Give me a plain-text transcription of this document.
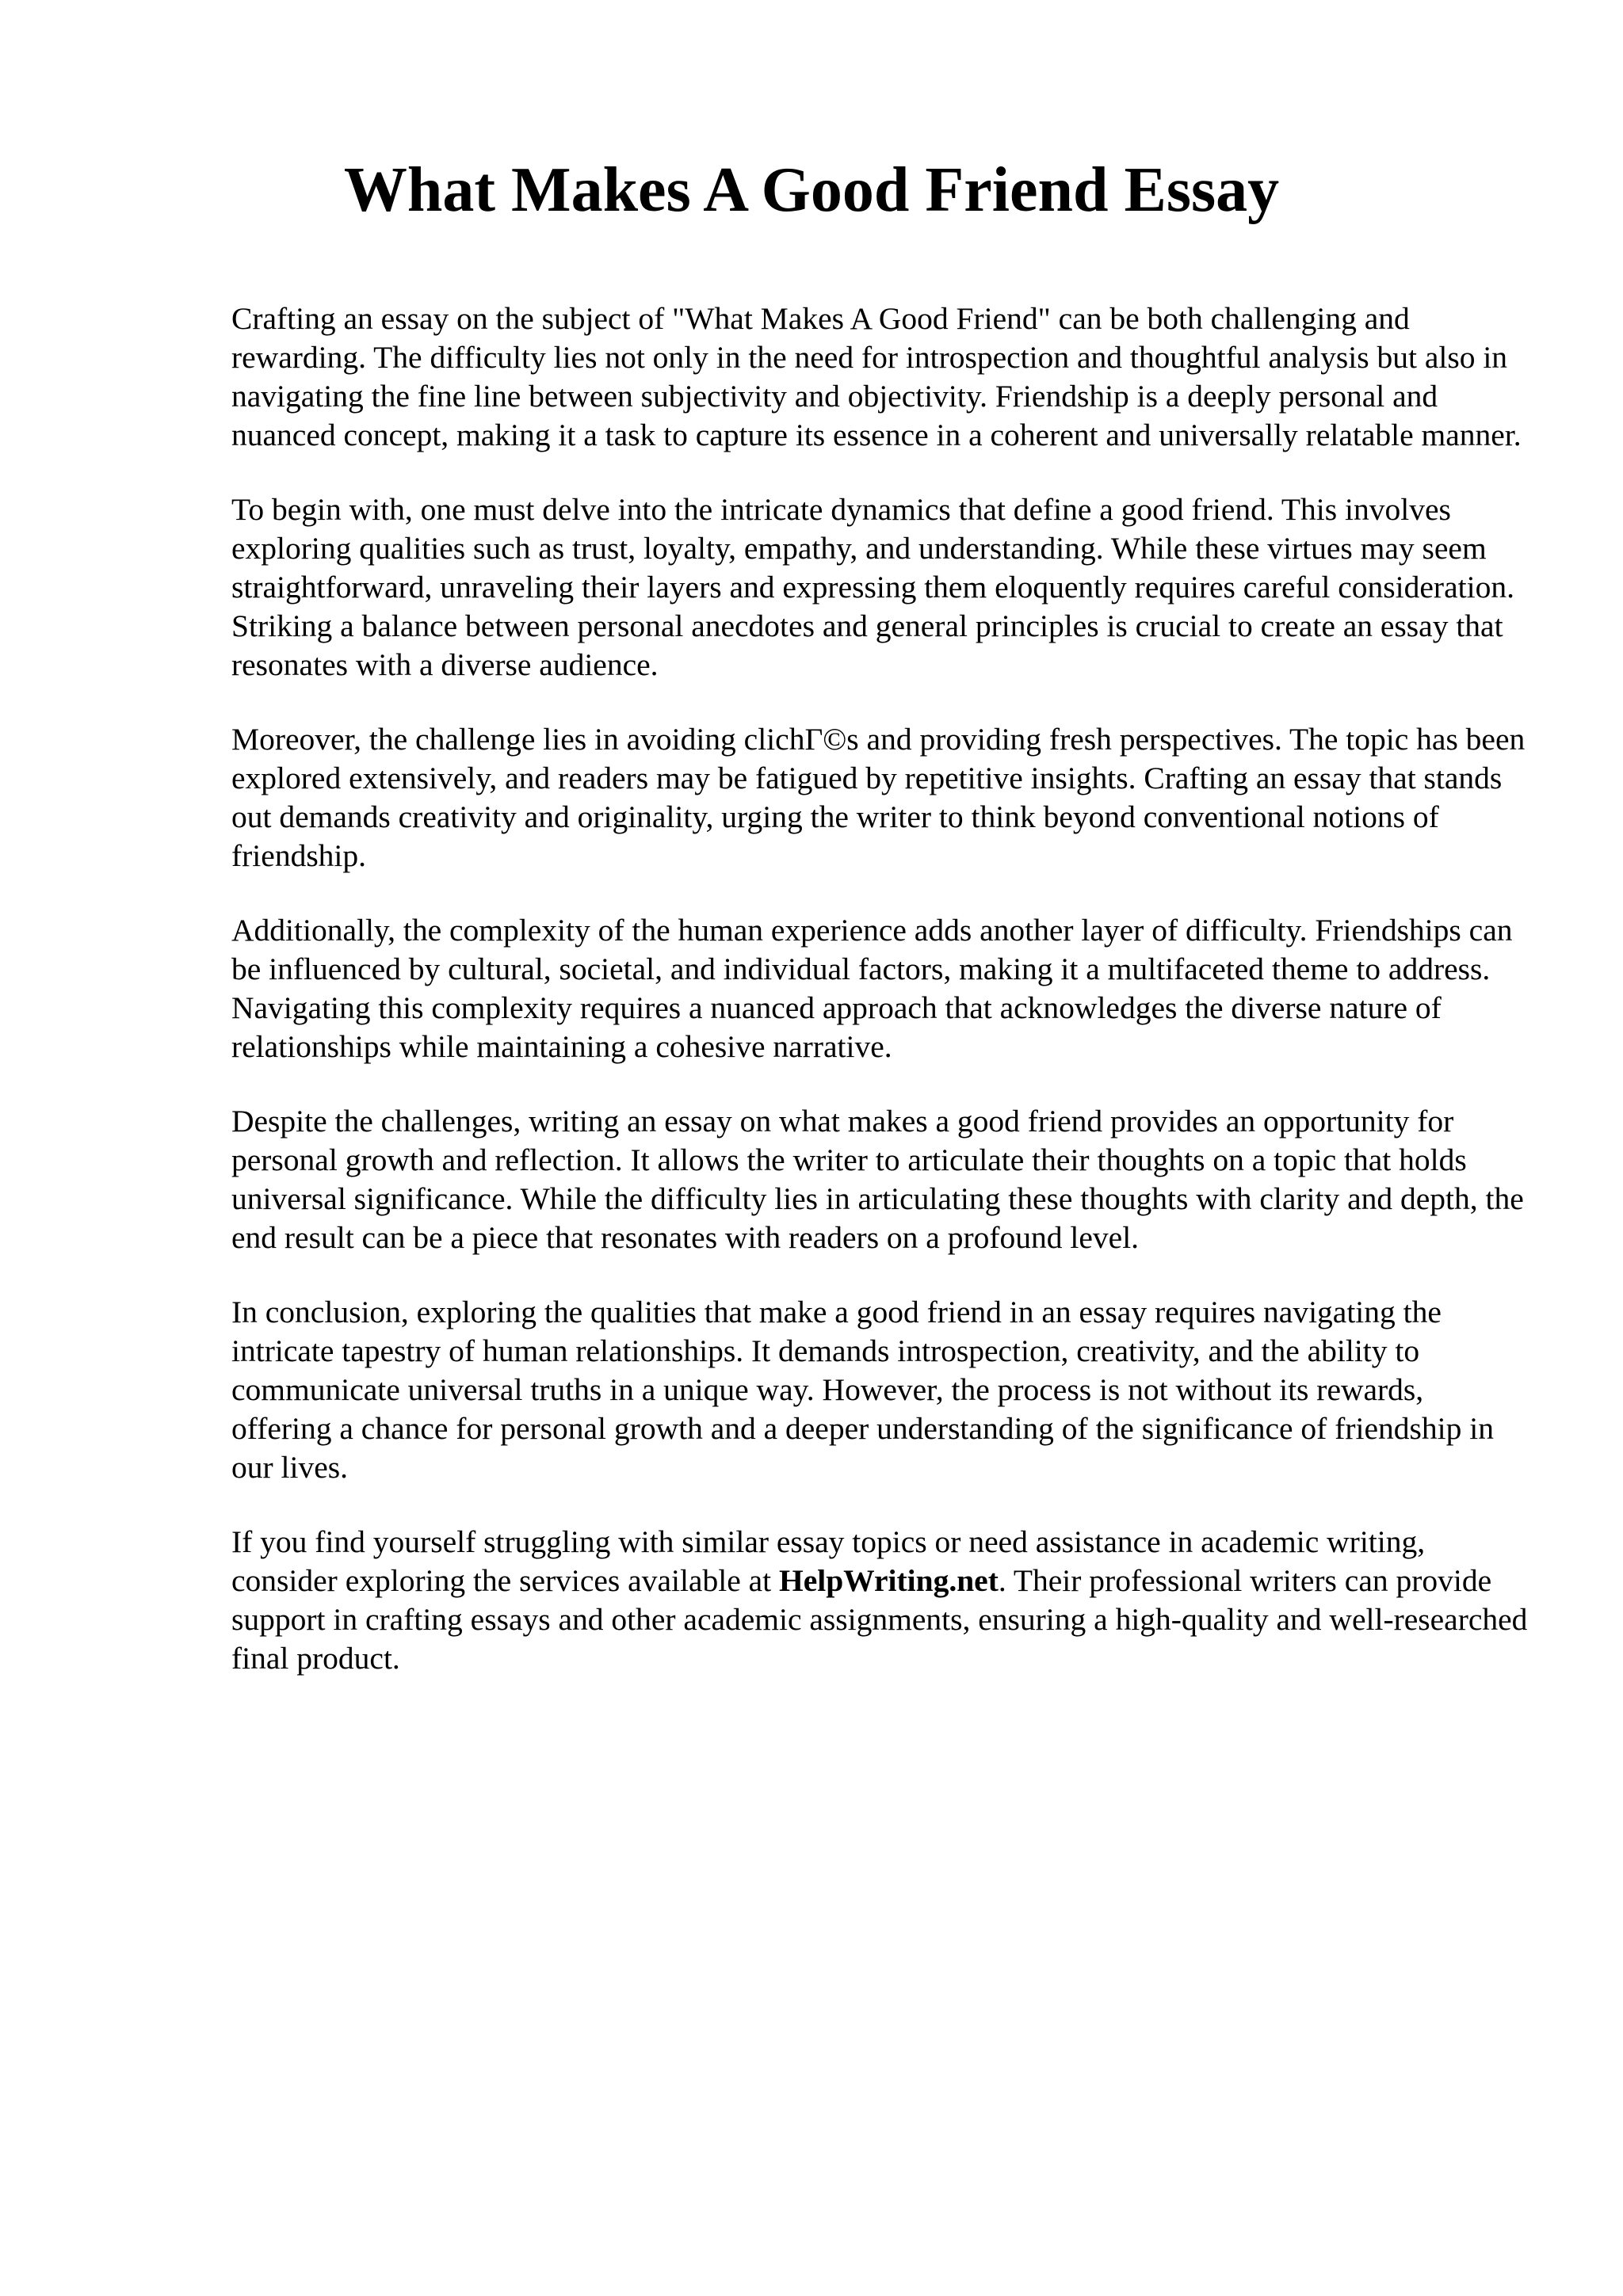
What Makes A Good Friend Essay

Crafting an essay on the subject of "What Makes A Good Friend" can be both challenging and rewarding. The difficulty lies not only in the need for introspection and thoughtful analysis but also in navigating the fine line between subjectivity and objectivity. Friendship is a deeply personal and nuanced concept, making it a task to capture its essence in a coherent and universally relatable manner.

To begin with, one must delve into the intricate dynamics that define a good friend. This involves exploring qualities such as trust, loyalty, empathy, and understanding. While these virtues may seem straightforward, unraveling their layers and expressing them eloquently requires careful consideration. Striking a balance between personal anecdotes and general principles is crucial to create an essay that resonates with a diverse audience.

Moreover, the challenge lies in avoiding clichΓ©s and providing fresh perspectives. The topic has been explored extensively, and readers may be fatigued by repetitive insights. Crafting an essay that stands out demands creativity and originality, urging the writer to think beyond conventional notions of friendship.

Additionally, the complexity of the human experience adds another layer of difficulty. Friendships can be influenced by cultural, societal, and individual factors, making it a multifaceted theme to address. Navigating this complexity requires a nuanced approach that acknowledges the diverse nature of relationships while maintaining a cohesive narrative.

Despite the challenges, writing an essay on what makes a good friend provides an opportunity for personal growth and reflection. It allows the writer to articulate their thoughts on a topic that holds universal significance. While the difficulty lies in articulating these thoughts with clarity and depth, the end result can be a piece that resonates with readers on a profound level.

In conclusion, exploring the qualities that make a good friend in an essay requires navigating the intricate tapestry of human relationships. It demands introspection, creativity, and the ability to communicate universal truths in a unique way. However, the process is not without its rewards, offering a chance for personal growth and a deeper understanding of the significance of friendship in our lives.

If you find yourself struggling with similar essay topics or need assistance in academic writing, consider exploring the services available at HelpWriting.net. Their professional writers can provide support in crafting essays and other academic assignments, ensuring a high-quality and well-researched final product.
